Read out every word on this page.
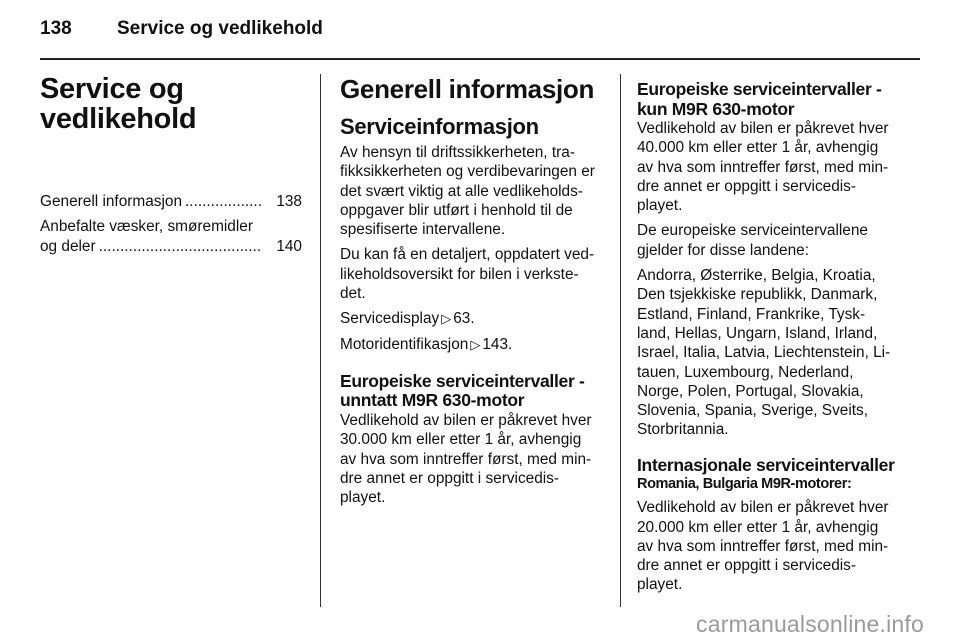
138 Service og vedlikehold
Service og
vedlikehold
Generell informasjon .................. 138
Anbefalte væsker, smøremidler
og deler ...................................... 140
Generell informasjon
Serviceinformasjon
Av hensyn til driftssikkerheten, tra-
fikksikkerheten og verdibevaringen er
det svært viktig at alle vedlikeholds-
oppgaver blir utført i henhold til de
spesifiserte intervallene.
Du kan få en detaljert, oppdatert ved-
likeholdsoversikt for bilen i verkste-
det.
Servicedisplay ▷ 63.
Motoridentifikasjon ▷ 143.
Europeiske serviceintervaller -
unntatt M9R 630-motor
Vedlikehold av bilen er påkrevet hver
30.000 km eller etter 1 år, avhengig
av hva som inntreffer først, med min-
dre annet er oppgitt i servicedis-
playet.
Europeiske serviceintervaller -
kun M9R 630-motor
Vedlikehold av bilen er påkrevet hver
40.000 km eller etter 1 år, avhengig
av hva som inntreffer først, med min-
dre annet er oppgitt i servicedis-
playet.
De europeiske serviceintervallene
gjelder for disse landene:
Andorra, Østerrike, Belgia, Kroatia,
Den tsjekkiske republikk, Danmark,
Estland, Finland, Frankrike, Tysk-
land, Hellas, Ungarn, Island, Irland,
Israel, Italia, Latvia, Liechtenstein, Li-
tauen, Luxembourg, Nederland,
Norge, Polen, Portugal, Slovakia,
Slovenia, Spania, Sverige, Sveits,
Storbritannia.
Internasjonale serviceintervaller
Romania, Bulgaria M9R-motorer:
Vedlikehold av bilen er påkrevet hver
20.000 km eller etter 1 år, avhengig
av hva som inntreffer først, med min-
dre annet er oppgitt i servicedis-
playet.
carmanualsonline.info
